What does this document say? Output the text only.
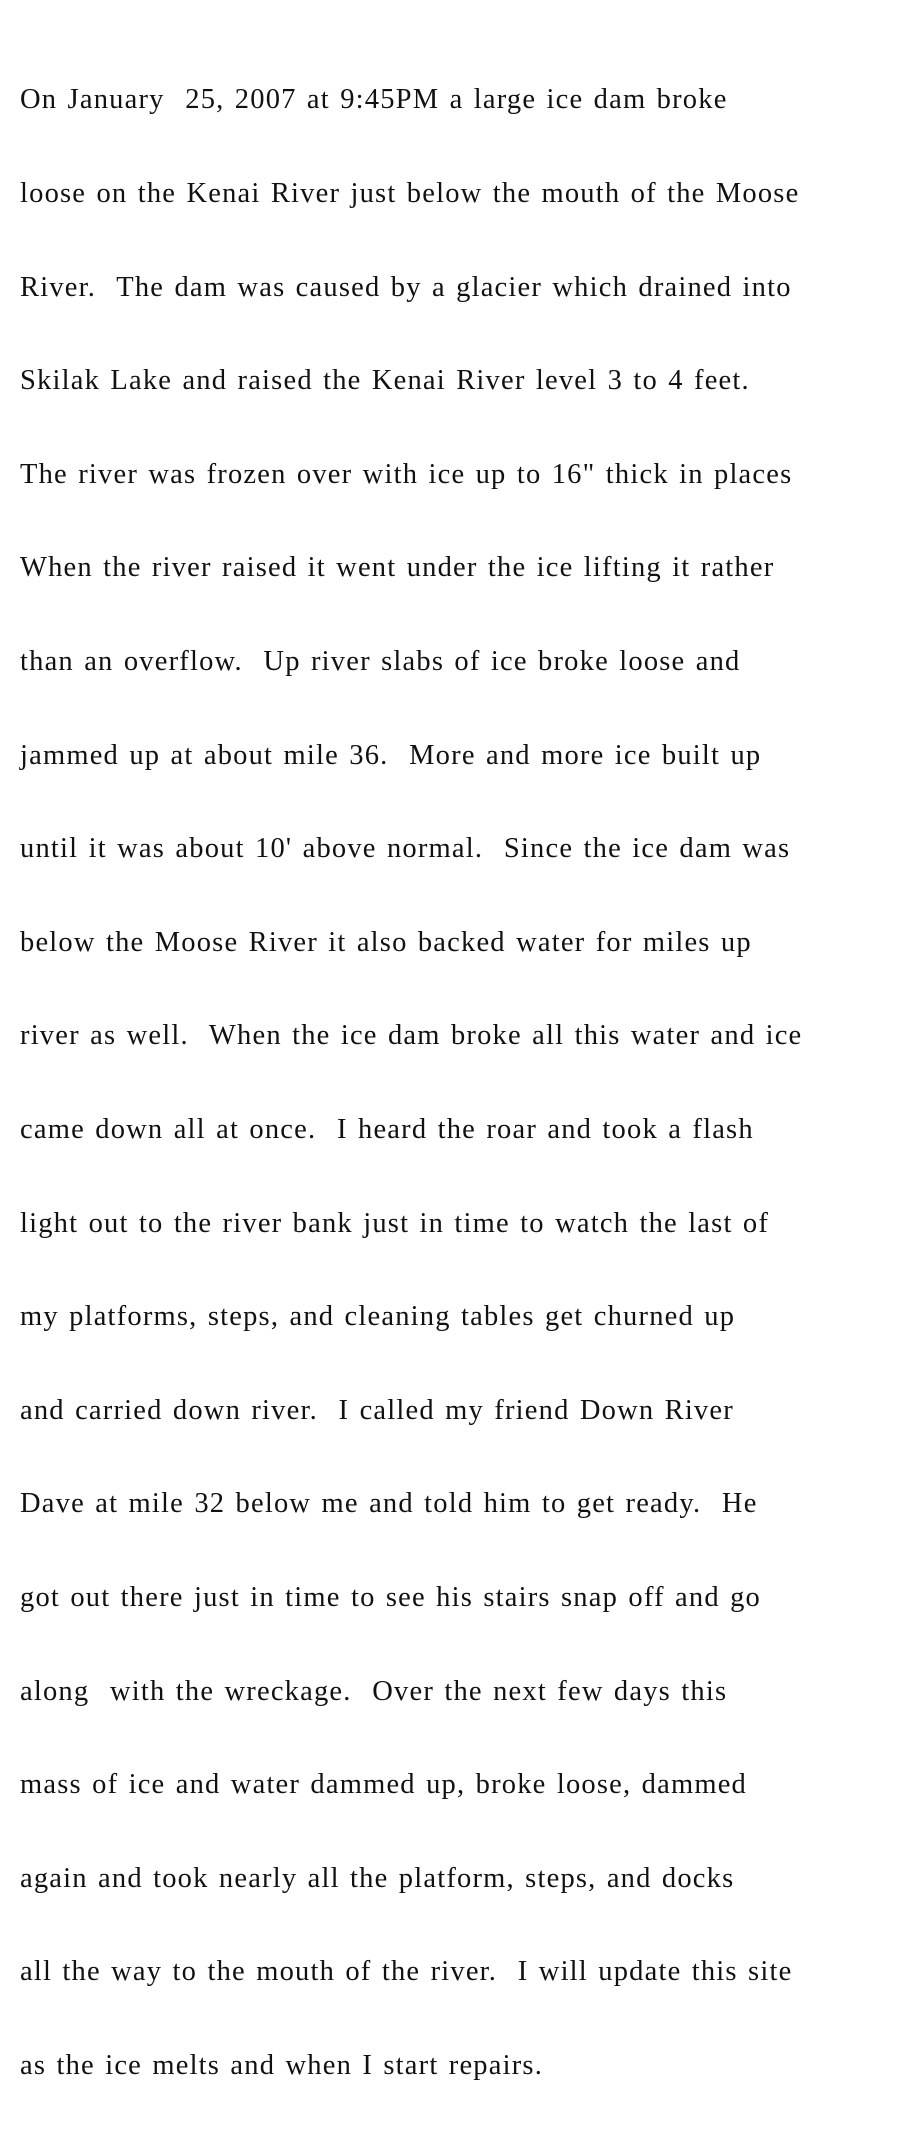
On January  25, 2007 at 9:45PM a large ice dam broke

loose on the Kenai River just below the mouth of the Moose

River.  The dam was caused by a glacier which drained into

Skilak Lake and raised the Kenai River level 3 to 4 feet.

The river was frozen over with ice up to 16" thick in places

When the river raised it went under the ice lifting it rather

than an overflow.  Up river slabs of ice broke loose and

jammed up at about mile 36.  More and more ice built up

until it was about 10' above normal.  Since the ice dam was

below the Moose River it also backed water for miles up

river as well.  When the ice dam broke all this water and ice

came down all at once.  I heard the roar and took a flash

light out to the river bank just in time to watch the last of

my platforms, steps, and cleaning tables get churned up

and carried down river.  I called my friend Down River

Dave at mile 32 below me and told him to get ready.  He

got out there just in time to see his stairs snap off and go

along  with the wreckage.  Over the next few days this

mass of ice and water dammed up, broke loose, dammed

again and took nearly all the platform, steps, and docks

all the way to the mouth of the river.  I will update this site

as the ice melts and when I start repairs.
